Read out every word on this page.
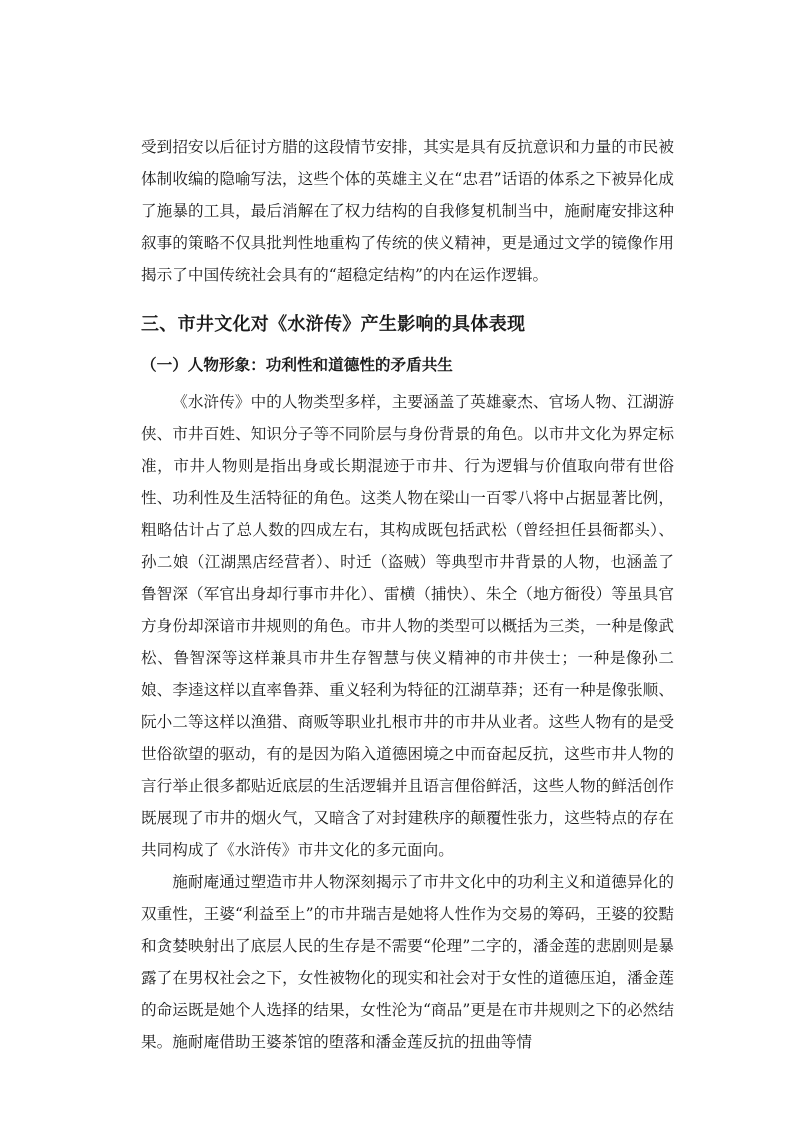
受到招安以后征讨方腊的这段情节安排，其实是具有反抗意识和力量的市民被体制收编的隐喻写法，这些个体的英雄主义在“忠君”话语的体系之下被异化成了施暴的工具，最后消解在了权力结构的自我修复机制当中，施耐庵安排这种叙事的策略不仅具批判性地重构了传统的侠义精神，更是通过文学的镜像作用揭示了中国传统社会具有的“超稳定结构”的内在运作逻辑。

三、市井文化对《水浒传》产生影响的具体表现
（一）人物形象：功利性和道德性的矛盾共生

《水浒传》中的人物类型多样，主要涵盖了英雄豪杰、官场人物、江湖游侠、市井百姓、知识分子等不同阶层与身份背景的角色。以市井文化为界定标准，市井人物则是指出身或长期混迹于市井、行为逻辑与价值取向带有世俗性、功利性及生活特征的角色。这类人物在梁山一百零八将中占据显著比例，粗略估计占了总人数的四成左右，其构成既包括武松（曾经担任县衙都头）、孙二娘（江湖黑店经营者）、时迁（盗贼）等典型市井背景的人物，也涵盖了鲁智深（军官出身却行事市井化）、雷横（捕快）、朱仝（地方衙役）等虽具官方身份却深谙市井规则的角色。市井人物的类型可以概括为三类，一种是像武松、鲁智深等这样兼具市井生存智慧与侠义精神的市井侠士；一种是像孙二娘、李逵这样以直率鲁莽、重义轻利为特征的江湖草莽；还有一种是像张顺、阮小二等这样以渔猎、商贩等职业扎根市井的市井从业者。这些人物有的是受世俗欲望的驱动，有的是因为陷入道德困境之中而奋起反抗，这些市井人物的言行举止很多都贴近底层的生活逻辑并且语言俚俗鲜活，这些人物的鲜活创作既展现了市井的烟火气，又暗含了对封建秩序的颠覆性张力，这些特点的存在共同构成了《水浒传》市井文化的多元面向。

施耐庵通过塑造市井人物深刻揭示了市井文化中的功利主义和道德异化的双重性，王婆“利益至上”的市井瑞吉是她将人性作为交易的筹码，王婆的狡黠和贪婪映射出了底层人民的生存是不需要“伦理”二字的，潘金莲的悲剧则是暴露了在男权社会之下，女性被物化的现实和社会对于女性的道德压迫，潘金莲的命运既是她个人选择的结果，女性沦为“商品”更是在市井规则之下的必然结果。施耐庵借助王婆茶馆的堕落和潘金莲反抗的扭曲等情
